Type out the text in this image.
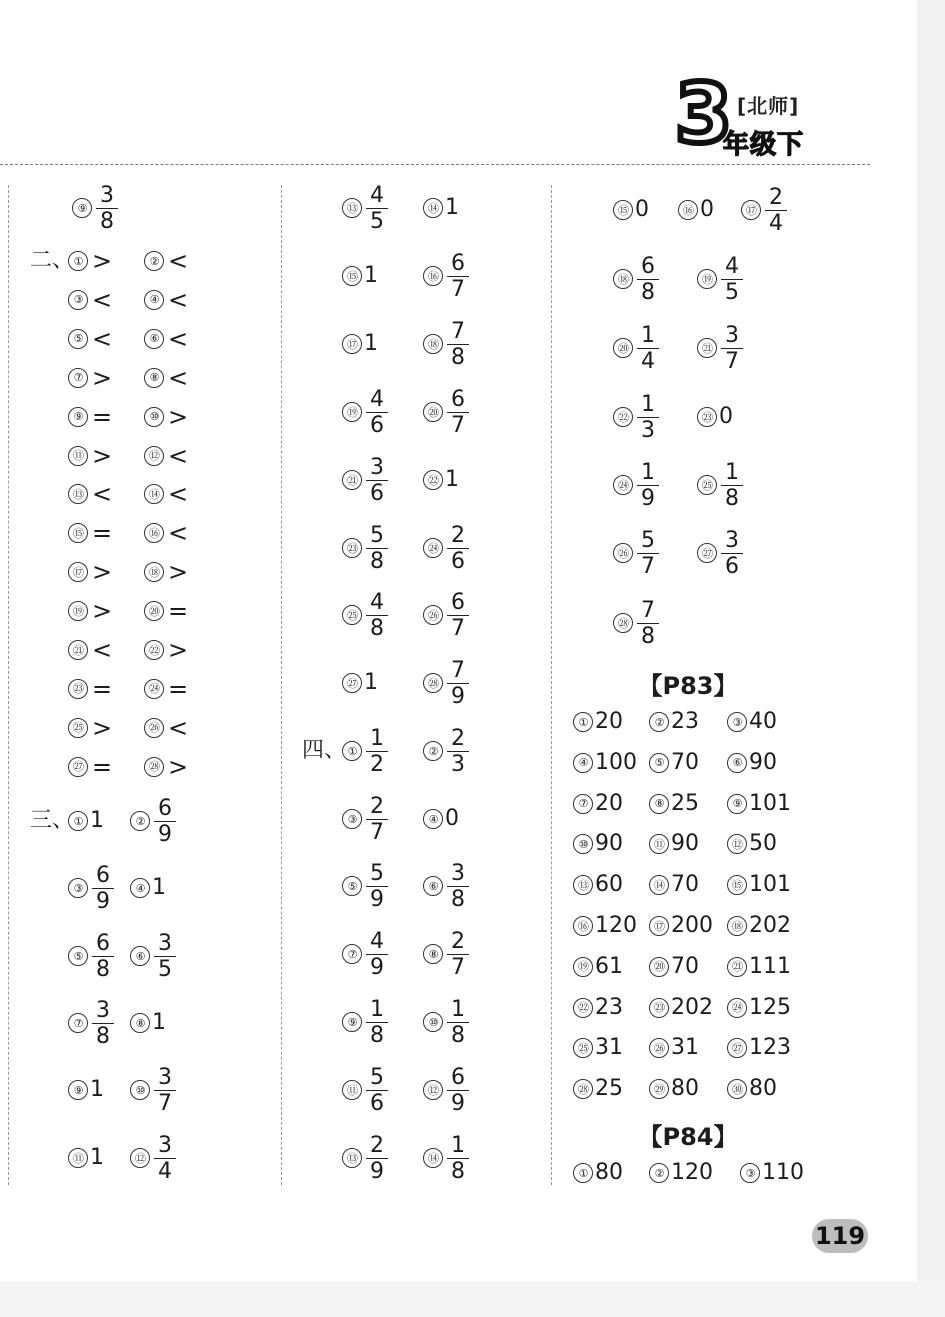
3 [北师]
年级下
⑨ $\frac{3}{8}$
二、 ① >	② <
③ <	④ <
⑤ <	⑥ <
⑦ >	⑧ <
⑨ =	⑩ >
⑪ >	⑫ <
⑬ <	⑭ <
⑮ =	⑯ <
⑰ >	⑱ >
⑲ >	⑳ =
㉑ <	㉒ >
㉓ =	㉔ =
㉕ >	㉖ <
㉗ =	㉘ >
三、 ① 1	② $\frac{6}{9}$
③ $\frac{6}{9}$	④ 1
⑤ $\frac{6}{8}$	⑥ $\frac{3}{5}$
⑦ $\frac{3}{8}$	⑧ 1
⑨ 1	⑩ $\frac{3}{7}$
⑪ 1	⑫ $\frac{3}{4}$
⑬ $\frac{4}{5}$	⑭ 1
⑮ 1	⑯ $\frac{6}{7}$
⑰ 1	⑱ $\frac{7}{8}$
⑲ $\frac{4}{6}$	⑳ $\frac{6}{7}$
㉑ $\frac{3}{6}$	㉒ 1
㉓ $\frac{5}{8}$	㉔ $\frac{2}{6}$
㉕ $\frac{4}{8}$	㉖ $\frac{6}{7}$
㉗ 1	㉘ $\frac{7}{9}$
四、 ① $\frac{1}{2}$	② $\frac{2}{3}$
③ $\frac{2}{7}$	④ 0
⑤ $\frac{5}{9}$	⑥ $\frac{3}{8}$
⑦ $\frac{4}{9}$	⑧ $\frac{2}{7}$
⑨ $\frac{1}{8}$	⑩ $\frac{1}{8}$
⑪ $\frac{5}{6}$	⑫ $\frac{6}{9}$
⑬ $\frac{2}{9}$	⑭ $\frac{1}{8}$
⑮ 0	⑯ 0	⑰ $\frac{2}{4}$
⑱ $\frac{6}{8}$	⑲ $\frac{4}{5}$
⑳ $\frac{1}{4}$	㉑ $\frac{3}{7}$
㉒ $\frac{1}{3}$	㉓ 0
㉔ $\frac{1}{9}$	㉕ $\frac{1}{8}$
㉖ $\frac{5}{7}$	㉗ $\frac{3}{6}$
㉘ $\frac{7}{8}$
【P83】
① 20	② 23	③ 40
④ 100	⑤ 70	⑥ 90
⑦ 20	⑧ 25	⑨ 101
⑩ 90	⑪ 90	⑫ 50
⑬ 60	⑭ 70	⑮ 101
⑯ 120	⑰ 200	⑱ 202
⑲ 61	⑳ 70	㉑ 111
㉒ 23	㉓ 202	㉔ 125
㉕ 31	㉖ 31	㉗ 123
㉘ 25	㉙ 80	㉚ 80
【P84】
① 80	② 120	③ 110
119
